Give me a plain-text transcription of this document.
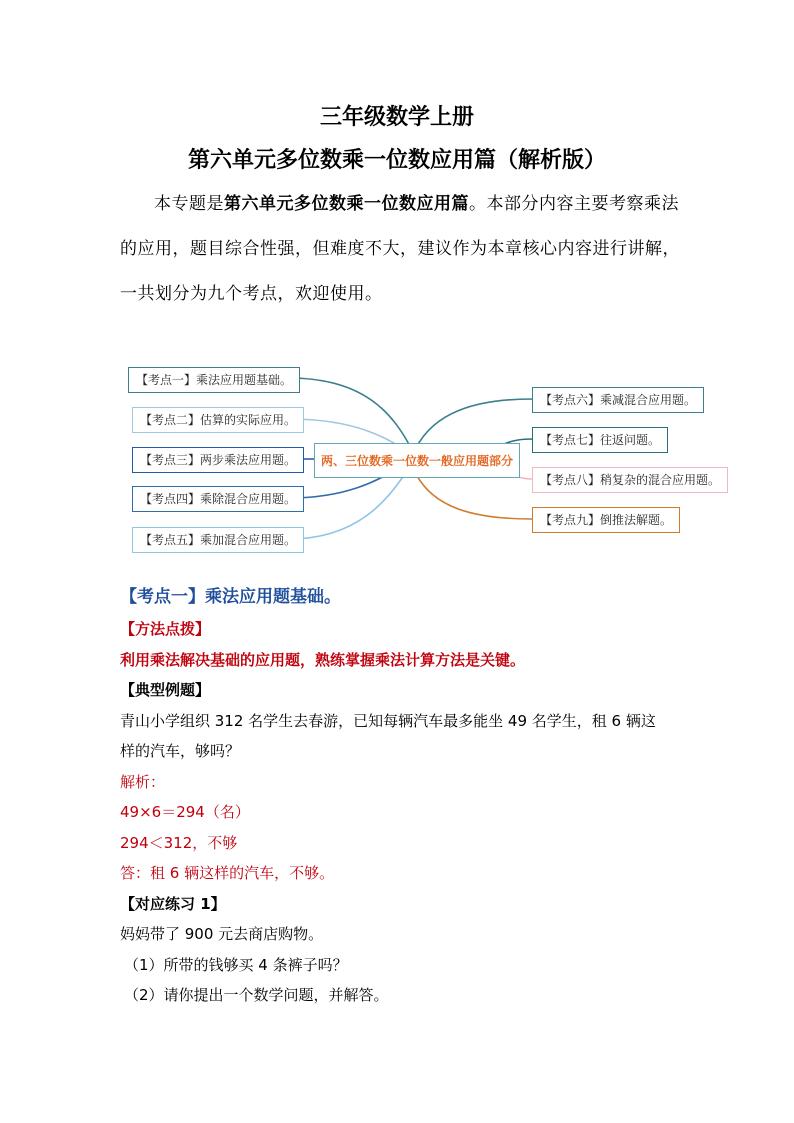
三年级数学上册
第六单元多位数乘一位数应用篇（解析版）
本专题是第六单元多位数乘一位数应用篇。本部分内容主要考察乘法的应用，题目综合性强，但难度不大，建议作为本章核心内容进行讲解，一共划分为九个考点，欢迎使用。
【考点一】乘法应用题基础。
【考点二】估算的实际应用。
【考点三】两步乘法应用题。
【考点四】乘除混合应用题。
【考点五】乘加混合应用题。
两、三位数乘一位数一般应用题部分
【考点六】乘减混合应用题。
【考点七】往返问题。
【考点八】稍复杂的混合应用题。
【考点九】倒推法解题。
【考点一】乘法应用题基础。
【方法点拨】
利用乘法解决基础的应用题，熟练掌握乘法计算方法是关键。
【典型例题】
青山小学组织 312 名学生去春游，已知每辆汽车最多能坐 49 名学生，租 6 辆这
样的汽车，够吗？
解析：
49×6＝294（名）
294＜312，不够
答：租 6 辆这样的汽车，不够。
【对应练习 1】
妈妈带了 900 元去商店购物。
（1）所带的钱够买 4 条裤子吗？
（2）请你提出一个数学问题，并解答。
